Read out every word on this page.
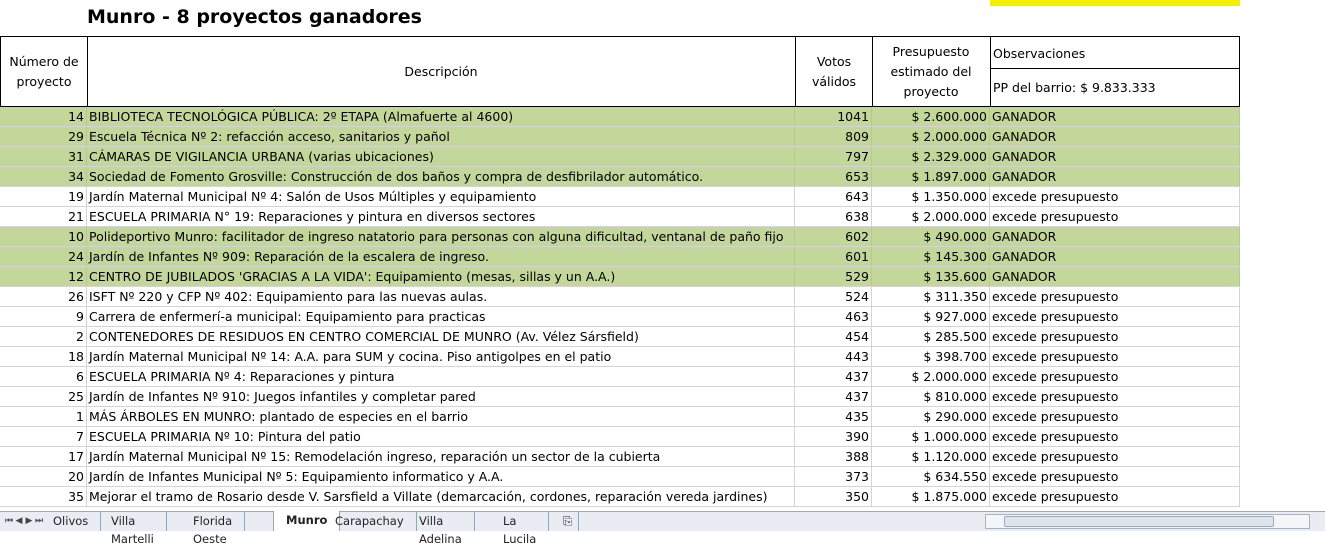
Munro - 8 proyectos ganadores
Número de proyecto
Descripción
Votos válidos
Presupuesto estimado del proyecto
Observaciones
PP del barrio: $ 9.833.333
14 BIBLIOTECA TECNOLÓGICA PÚBLICA: 2º ETAPA (Almafuerte al 4600)	1041	$ 2.600.000 GANADOR
29 Escuela Técnica Nº 2: refacción acceso, sanitarios y pañol	809	$ 2.000.000 GANADOR
31 CÁMARAS DE VIGILANCIA URBANA (varias ubicaciones)	797	$ 2.329.000 GANADOR
34 Sociedad de Fomento Grosville: Construcción de dos baños y compra de desfibrilador automático.	653	$ 1.897.000 GANADOR
19 Jardín Maternal Municipal Nº 4: Salón de Usos Múltiples y equipamiento	643	$ 1.350.000 excede presupuesto
21 ESCUELA PRIMARIA N° 19: Reparaciones y pintura en diversos sectores	638	$ 2.000.000 excede presupuesto
10 Polideportivo Munro: facilitador de ingreso natatorio para personas con alguna dificultad, ventanal de paño fijo	602	$ 490.000 GANADOR
24 Jardín de Infantes Nº 909: Reparación de la escalera de ingreso.	601	$ 145.300 GANADOR
12 CENTRO DE JUBILADOS 'GRACIAS A LA VIDA': Equipamiento (mesas, sillas y un A.A.)	529	$ 135.600 GANADOR
26 ISFT Nº 220 y CFP Nº 402: Equipamiento para las nuevas aulas.	524	$ 311.350 excede presupuesto
9 Carrera de enfermerí-a municipal: Equipamiento para practicas	463	$ 927.000 excede presupuesto
2 CONTENEDORES DE RESIDUOS EN CENTRO COMERCIAL DE MUNRO (Av. Vélez Sársfield)	454	$ 285.500 excede presupuesto
18 Jardín Maternal Municipal Nº 14: A.A. para SUM y cocina. Piso antigolpes en el patio	443	$ 398.700 excede presupuesto
6 ESCUELA PRIMARIA Nº 4: Reparaciones y pintura	437	$ 2.000.000 excede presupuesto
25 Jardín de Infantes Nº 910: Juegos infantiles y completar pared	437	$ 810.000 excede presupuesto
1 MÁS ÁRBOLES EN MUNRO: plantado de especies en el barrio	435	$ 290.000 excede presupuesto
7 ESCUELA PRIMARIA Nº 10: Pintura del patio	390	$ 1.000.000 excede presupuesto
17 Jardín Maternal Municipal Nº 15: Remodelación ingreso, reparación un sector de la cubierta	388	$ 1.120.000 excede presupuesto
20 Jardín de Infantes Municipal Nº 5: Equipamiento informatico y A.A.	373	$ 634.550 excede presupuesto
35 Mejorar el tramo de Rosario desde V. Sarsfield a Villate (demarcación, cordones, reparación vereda jardines)	350	$ 1.875.000 excede presupuesto
⏮ ◀ ▶ ⏭ Olivos	Villa Martelli
Florida Oeste
Munro Carapachay	Villa Adelina
La Lucila
⎘
